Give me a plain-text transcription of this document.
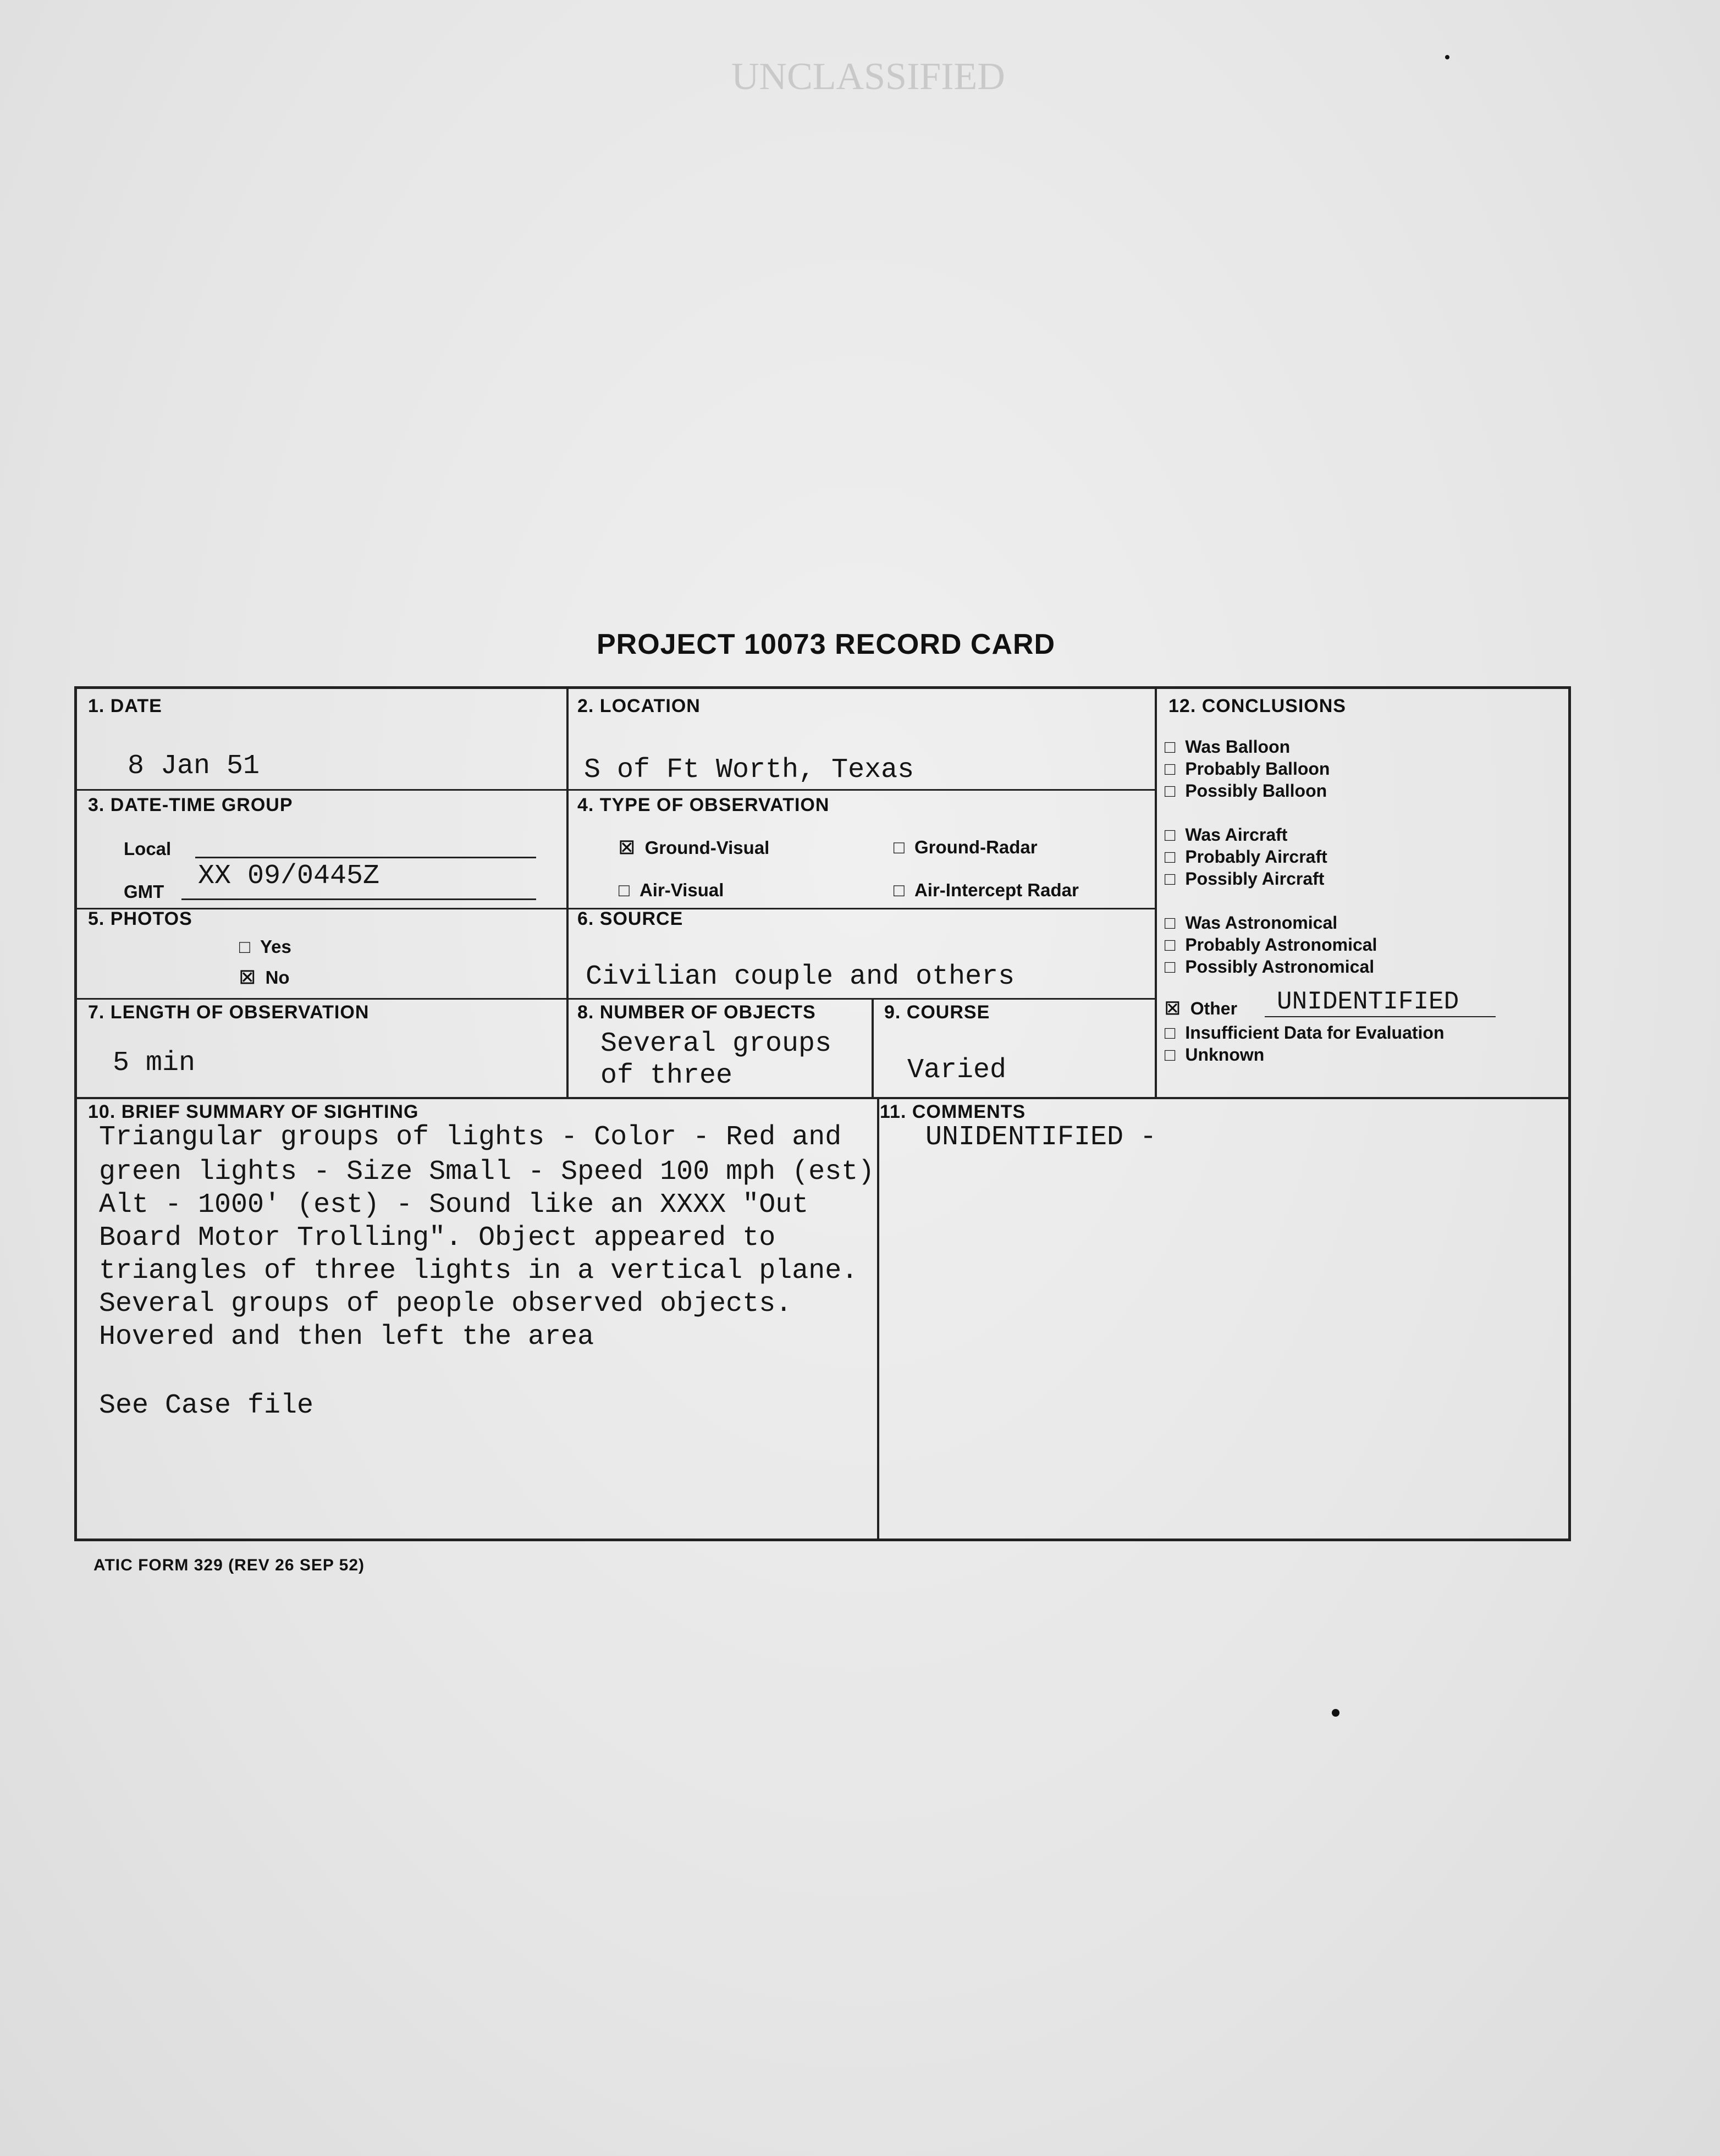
UNCLASSIFIED
PROJECT 10073 RECORD CARD
1. DATE
8 Jan 51
2. LOCATION
S of Ft Worth, Texas
3. DATE-TIME GROUP
Local
GMT XX 09/0445Z
4. TYPE OF OBSERVATION
☒ Ground-Visual	□ Ground-Radar
□ Air-Visual	□ Air-Intercept Radar
5. PHOTOS
□ Yes
☒ No
6. SOURCE
Civilian couple and others
7. LENGTH OF OBSERVATION
5 min
8. NUMBER OF OBJECTS
Several groups
of three
9. COURSE
Varied
10. BRIEF SUMMARY OF SIGHTING
Triangular groups of lights - Color - Red and
green lights - Size Small - Speed 100 mph (est)
Alt - 1000' (est) - Sound like an XXXX "Out
Board Motor Trolling". Object appeared to
triangles of three lights in a vertical plane.
Several groups of people observed objects.
Hovered and then left the area
See Case file
11. COMMENTS
UNIDENTIFIED -
12. CONCLUSIONS
□ Was Balloon
□ Probably Balloon
□ Possibly Balloon
□ Was Aircraft
□ Probably Aircraft
□ Possibly Aircraft
□ Was Astronomical
□ Probably Astronomical
□ Possibly Astronomical
☒ Other UNIDENTIFIED
□ Insufficient Data for Evaluation
□ Unknown
ATIC FORM 329 (REV 26 SEP 52)
